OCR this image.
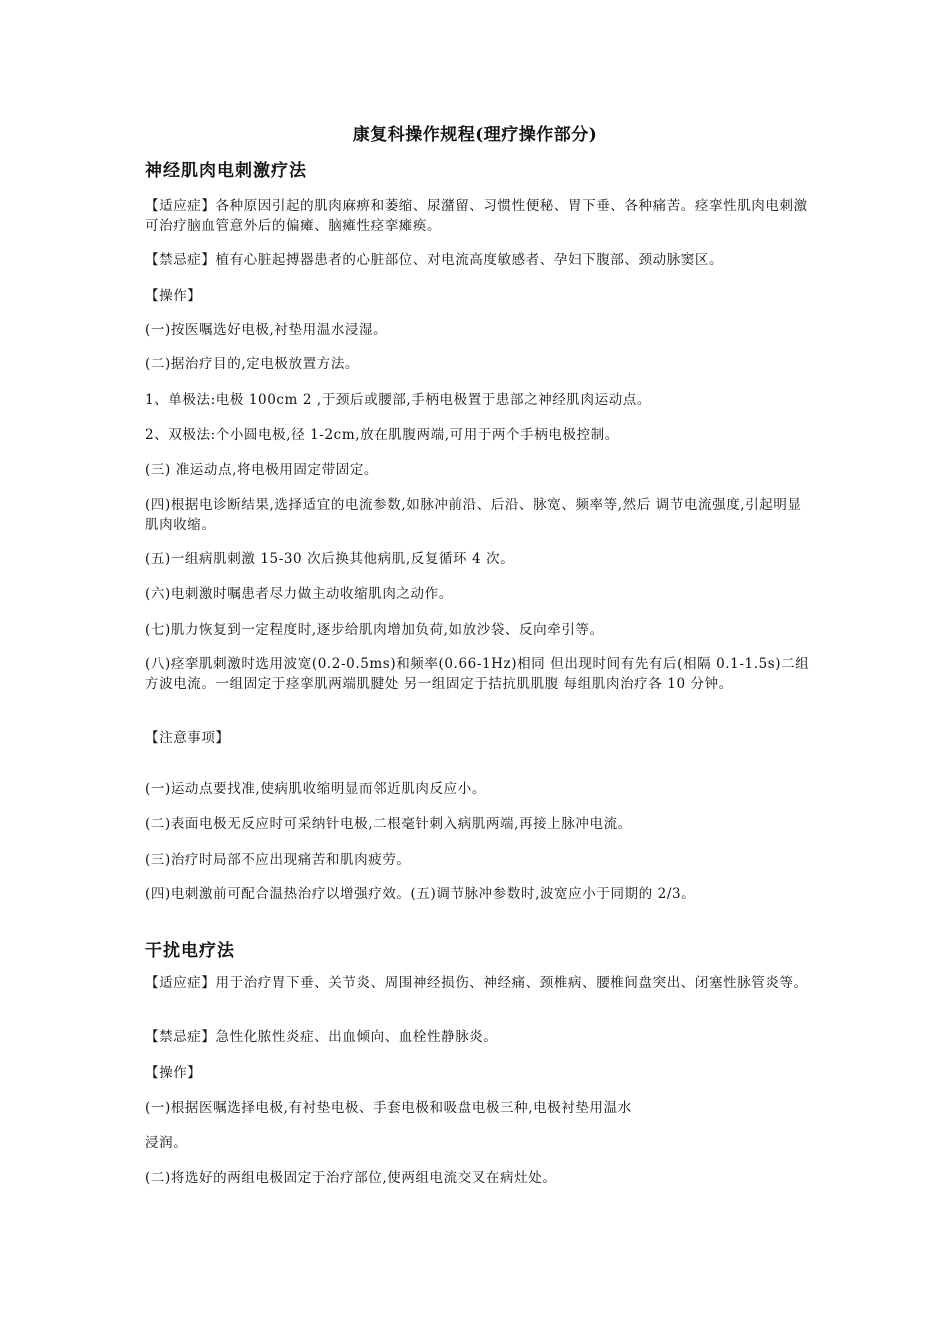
康复科操作规程(理疗操作部分)
神经肌肉电刺激疗法
【适应症】各种原因引起的肌肉麻痹和萎缩、尿潴留、习惯性便秘、胃下垂、各种痛苦。痉挛性肌肉电刺激可治疗脑血管意外后的偏瘫、脑瘫性痉挛瘫痪。
【禁忌症】植有心脏起搏器患者的心脏部位、对电流高度敏感者、孕妇下腹部、颈动脉窦区。
【操作】
(一)按医嘱选好电极,衬垫用温水浸湿。
(二)据治疗目的,定电极放置方法。
1、单极法:电极 100cm 2 ,于颈后或腰部,手柄电极置于患部之神经肌肉运动点。
2、双极法:个小圆电极,径 1-2cm,放在肌腹两端,可用于两个手柄电极控制。
(三) 准运动点,将电极用固定带固定。
(四)根据电诊断结果,选择适宜的电流参数,如脉冲前沿、后沿、脉宽、频率等,然后 调节电流强度,引起明显肌肉收缩。
(五)一组病肌刺激 15-30 次后换其他病肌,反复循环 4 次。
(六)电刺激时嘱患者尽力做主动收缩肌肉之动作。
(七)肌力恢复到一定程度时,逐步给肌肉增加负荷,如放沙袋、反向牵引等。
(八)痉挛肌刺激时选用波宽(0.2-0.5ms)和频率(0.66-1Hz)相同 但出现时间有先有后(相隔 0.1-1.5s)二组方波电流。一组固定于痉挛肌两端肌腱处 另一组固定于拮抗肌肌腹 每组肌肉治疗各 10 分钟。
【注意事项】
(一)运动点要找准,使病肌收缩明显而邻近肌肉反应小。
(二)表面电极无反应时可采纳针电极,二根毫针刺入病肌两端,再接上脉冲电流。
(三)治疗时局部不应出现痛苦和肌肉疲劳。
(四)电刺激前可配合温热治疗以增强疗效。(五)调节脉冲参数时,波宽应小于同期的 2/3。
干扰电疗法
【适应症】用于治疗胃下垂、关节炎、周围神经损伤、神经痛、颈椎病、腰椎间盘突出、闭塞性脉管炎等。
【禁忌症】急性化脓性炎症、出血倾向、血栓性静脉炎。
【操作】
(一)根据医嘱选择电极,有衬垫电极、手套电极和吸盘电极三种,电极衬垫用温水
浸润。
(二)将选好的两组电极固定于治疗部位,使两组电流交叉在病灶处。
